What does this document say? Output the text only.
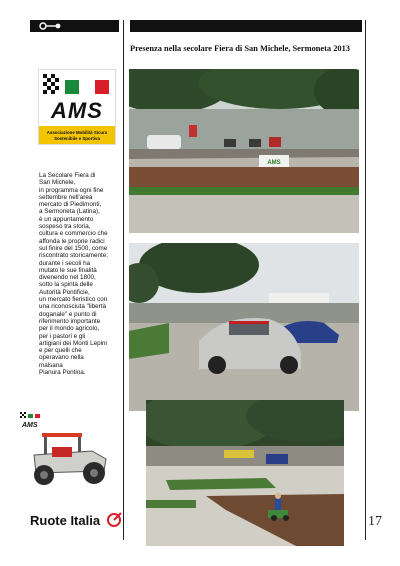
Presenza nella secolare Fiera di San Michele, Sermoneta 2013
AMS
Associazione Mobilità Sicura
Sostenibile e Sportiva

La Secolare Fiera di

San Michele,

in programma ogni fine

settembre nell'area

mercato di Piedimonti,

a Sermoneta (Latina),

è un appuntamento

sospeso tra storia,

cultura e commercio che

affonda le proprie radici

sul finire del 1500, come

riscontrato storicamente;

durante i secoli ha

mutato le sue finalità

divenendo nel 1800,

sotto la spinta delle

Autorità Pontificie,

un mercato fieristico con

una riconosciuta "libertà

doganale" e punto di

riferimento importante

per il mondo agricolo,

per i pastori e gli

artigiani dei Monti Lepini

e per quelli che

operavano nella

malsana

Pianura Pontina.

AMS
AMS
Ruote Italia	17
